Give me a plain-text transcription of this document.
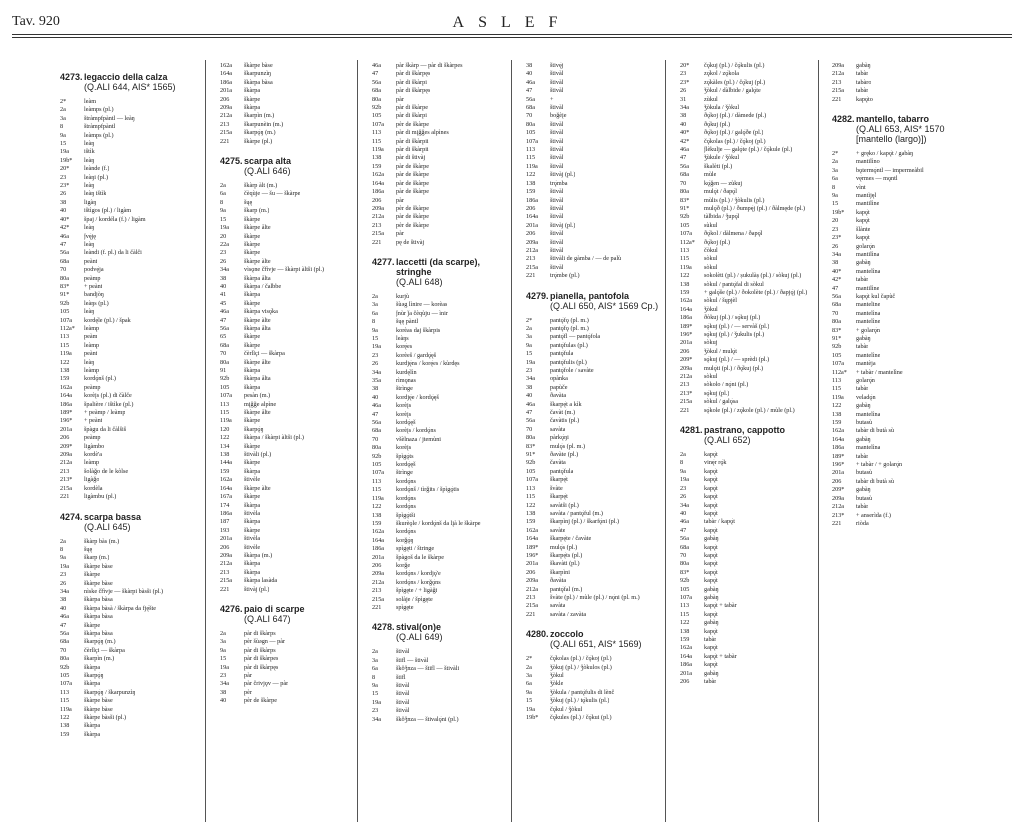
Tav. 920	ASLEF
4273. legaccio della calza
(Q.ALI 644, AIS* 1565)
2*	leàm
2a	leàmps (pl.)
3a	štràmpfpàntl — leàŋ
8	štràmpfpàntl
9a	leàmps (pl.)
15	leàŋ
19a	ištìk
19b*	leàŋ
20*	leànde (f.)
23	leàŋi (pl.)
23*	leàŋ
26	leàŋ ištìk
38	ligàŋ
40	ištìgos (pl.) / ligàm
40*	špaj / kordéla (f.) / ligàm
42*	leàŋ
46a	ǰvę̀ję
47	leàŋ
56a	leàndi (f. pl.) da li čàlči
68a	peànt
70	podvę̀ja
80a	peàmp
83*	+ peànt
91*	bandjòŋ
92b	leàŋs (pl.)
105	leàŋ
107a	kordę̀le (pl.) / špak
112a*	leàmp
113	peàm
115	leàmp
119a	peànt
122	leàŋ
138	leàmp
159	kordǫ̀nš (pl.)
162a	peàmp
164a	korèįs (pl.) di čàlče
186a	špalière / ištìke (pl.)
189*	+ peàmp / leàmp
196*	+ peànt
201a	špàgu da li čàlšiš
206	peàmp
209*	ligàmbo
209a	kordè'a
212a	leàmp
213	šolàǧo de le kòlse
213*	ligàǧo
215a	kordèla
221	ligàmbu (pl.)
4274. scarpa bassa
(Q.ALI 645)
2a	škàrp bàs (m.)
8	šųę
9a	škarp (m.)
19a	škàrpe bàse
23	škàrpe
26	škàrpe bàse
34a	nìske čřìvje — škàrpi bàsši (pl.)
38	škàrpa bàsa
40	škàrpa bàsà / škàrpa da fję̀šte
46a	škàrpa bàsa
47	škàrpe
56a	škàrpa bàsa
68a	škarpǫ̀ŋ (m.)
70	čèrlĩçi — škàrpa
80a	škarpìn (m.)
92b	škàrpa
105	škarpǫ̀ŋ
107a	škàrpa
113	škarpǫ̀ŋ / škarpunzìŋ
115	škàrpe bàse
119a	škàrpe bàse
122	škàrpe bàsši (pl.)
138	škàrpa
159	škàrpa
162a	škàrpe bàse
164a	škarpunzìŋ
186a	škàrpa bàsa
201a	škàrpa
206	škàrpe
209a	škàrpa
212a	škarpìn (m.)
213	škarpunèin (m.)
215a	škarpǫ̀ŋ (m.)
221	škàrpe (pl.)
4275. scarpa alta
(Q.ALI 646)
2a	škàrp àlt (m.)
6a	čèqùje — šu — škàrpe
8	šųę
9a	škarp (m.)
15	škàrpe
19a	škàrpe ålte
20	škàrpe
22a	škàrpe
23	škàrpe
26	škàrpe àlte
34a	vìsǫne čřìvje — škàrpi àltši (pl.)
38	škàrpa ålta
40	škàrpa / čalbbe
41	škàrpa
45	škàrpe
46a	škàrpa visǫ̀ka
47	škàrpe àlte
56a	škàrpa ålta
65	škàrpe
68a	škàrpe
70	čèrlĩçi — škàrpa
80a	škàrpe ålte
91	škàrpa
92b	škàrpa ålta
105	škàrpa
107a	pesàn (m.)
113	mįǧǧe alpìne
115	škàrpe ålte
119a	škàrpe
120	škarpǫ̀ŋ
122	škàrpa / škàrpi àltši (pl.)
134	škàrpe
138	štivàli (pl.)
144a	škàrpe
159	škàrpa
162a	štivèle
164a	škàrpe àlte
167a	škàrpe
174	škàrpa
186a	štivèla
187	škàrpa
193	škàrpe
201a	štivèla
206	štivèle
209a	škàrpa (m.)
212a	škàrpa
213	škàrpa
215a	škàrpa lasàda
221	štivàj (pl.)
4276. paio di scarpe
(Q.ALI 647)
2a	pàr di škàrps
3a	pèr šùəgn — pàr
9a	pàr di škàrps
15	pàr di škàrpes
19a	pàr di škàrpęs
23	pàr
34a	pàr črivjǫv — pàr
38	pèr
40	pèr de škàrpe
46a	pàr škàrp — pàr di škàrpes
47	pàr di škàrpęs
56a	pàr di škàrpi
68a	pàr di škàrpęs
80a	pàr
92b	pàr di škàrpe
105	pàr di škàrpi
107a	pèr de škàrpe
113	pàr di mįǧǧes alpìnes
115	pàr di škàrpii
119a	pàr di škàrpii
138	pàr di štivàj
159	pàr de škàrpe
162a	pàr de škàrpe
164a	pàr de škàrpe
186a	pàr de škàrpe
206	pàr
209a	pèr de škàrpe
212a	pàr de škàrpe
213	pèr de škàrpe
215a	pàr
221	pę de štivàj
4277. laccetti (da scarpe), stringhe
(Q.ALI 648)
2a	kurjù
3a	šùəg lìnire — korèas
6a	ǰnùr ǰa čèqùju — ìnir
8	šųę pàntl
9a	korèas daj škàrpis
15	leàŋs
19a	korę̀es
23	korèeš / gardǫ̀ęš
26	kurdję̀ns / korę̀es / kùrdęs
34a	kurdę̀lìn
35a	rìmǫnas
38	štrìnge
40	kordję̀e / kordǫ̀ęš
46a	korèįs
47	korèįs
56a	kordǫ̀ęš
68a	korèįs / kordǫ̀ns
70	všèlnaza / jtemùni
80a	korèįs
92b	špìgǫ̀ts
105	kordǫ̀ęš
107a	štrìnge
113	kordǫ̀ns
115	kordǫ̀nš / tìrǧits / špìgǫ̀tis
119a	kordǫ̀ns
122	kordǫ̀ns
138	špìgǫ̀tši
159	škurèǫle / kordǫ̀nš da lįà le škàrpe
162a	kordǫ̀ns
164a	korǧǫ̀ŋ
186a	spìgęti / štringe
201a	špàgoš da le škàrpe
206	korǧe
209a	kordǫ̀ns / kordjǫ̀'e
212a	kordǫ̀ns / korǧǫ̀ns
213	špìgęte / + ligàǧi
215a	solàje / špìgęte
221	spìgęte
4278. stival(on)e
(Q.ALI 649)
2a	štivàl
3a	štifl — štivàl
6a	škǒǯnza — štifl — štivàli
8	štifl
9a	štivàl
15	štivàl
19a	štivàl
23	štivàl
34a	škǒǯnza — štivalǫ̀ni (pl.)
38	štivę̀j
40	štivàl
46a	štivàl
47	štivàl
56a	+
68a	štivàl
70	boǧèįe
80a	štivàl
105	štivàl
107a	štivàl
113	štivàl
115	štivàl
119a	štivàl
122	štivàj (pl.)
138	trǫ̀mba
159	štivàl
186a	štivàl
206	štivàl
164a	štivàl
201a	štivàj (pl.)
206	štivàl
209a	štivàl
212a	štivàl
213	štivàli de gàmba / — de palù
215a	štivàl
221	trǫ̀mbe (pl.)
4279. pianella, pantofola
(Q.ALI 650, AIS* 1569 Cp.)
2*	pantǫ̀fǫ (pl. m.)
2a	pantǫ̀fǫ (pl. m.)
3a	pantǫ̀fl — pantǫ̀fola
9a	pantǫ̀fulas (pl.)
15	pantǫ̀fula
19a	pantǫ̀fulis (pl.)
23	pantǫ̀fole / savàte
34a	opànka
38	papùče
40	ðavàta
46a	škarpę̀t a kìk
47	čavàt (m.)
56a	čavàtis (pl.)
70	savàta
80a	pàrkǫ̀ŋi
83*	mulǫ̀s (pl. m.)
91*	ðavàte (pl.)
92b	čavàta
105	pantǫ̀fula
107a	škarpę̀t
113	švàte
115	škarpę̀t
122	savàtši (pl.)
138	savàta / pantǫ̀ful (m.)
159	škarpìnj (pl.) / škarfǫ̀ni (pl.)
162a	savàte
164a	škarpę̀te / čavàte
189*	mulǫ̀s (pl.)
196*	škarpę̀ts (pl.)
201a	škavàti (pl.)
206	škarpìni
209a	ðavàta
212a	pantǫ̀fal (m.)
213	švàte (pl.) / mùle (pl.) / nǫ̀ni (pl. m.)
215a	savàta
221	savàta / zavàta
4280. zoccolo
(Q.ALI 651, AIS* 1569)
2*	čǫ̀kolas (pl.) / čǫ̀koj (pl.)
2a	ǯòkuj (pl.) / ǯòkulos (pl.)
3a	ǯòkul
6a	ǯòkle
9a	ǯòkula / pantǫ̀fulis di lènč
15	ǯòkuj (pl.) / tǫ̀kulis (pl.)
19a	čǫ̀kul / ǯòkul
19b*	čǫ̀kules (pl.) / čǫ̀kui (pl.)
20*	čǫ̀kuj (pl.) / čǫ̀kulis (pl.)
23	zǫ̀kol / zǫ̀kola
23*	zǫ̀kàles (pl.) / čǫ̀kuj (pl.)
26	ǯòkul / dàlbide / galǫ̀te
31	zùkul
34a	ǯòkula / ǯòkul
38	ðǫ̀koj (pl.) / dàmede (pl.)
40	ðǫ̀kuj (pl.)
40*	ðǫ̀koj (pl.) / galǫ̀ðe (pl.)
42*	čǫ̀kolas (pl.) / čǫ̀koj (pl.)
46a	ǰlèkulje — galǫ̀te (pl.) / čǫ̀kule (pl.)
47	ǯùkule / ǯòkul
56a	škalèti (pl.)
68a	mùle
70	kǫ̀ǧen — zùkuj
80a	mulǫ̀t / ðapǫ̀l
83*	mùlis (pl.) / ǯòkulis (pl.)
91*	mulǫ̀ð (pl.) / ðumpę̀j (pl.) / ðàlmęde (pl.)
92b	tàlbida / ǯupǫ̀l
105	sùkul
107a	ðǫ̀kol / dàlmena / ðapǫ̀l
112a*	ðǫ̀koj (pl.)
113	čòkul
115	sòkul
119a	sòkul
122	sokolèti (pl.) / șukulàș (pl.) / sòkuj (pl.)
138	sòkul / pantǫ̀fal di sòkul
159	+ galǫ̀še (pl.) / ðokolète (pl.) / ðapjǫ̀j (pl.)
162a	sòkul / šųpjèl
164a	ǯòkul
186a	ðòkuj (pl.) / sǫ̀kuj (pl.)
189*	sǫ̀kuj (pl.) / — servàš (pl.)
196*	sǫ̀kuj (pl.) / ǯukulis (pl.)
201a	sòkuj
206	ǯòkul / mulǫ̀t
209*	sǫ̀kuj (pl.) / — sprèdi (pl.)
209a	mulǫ̀ti (pl.) / ðǫ̀kuj (pl.)
212a	sòkul
213	sòkolo / nǫ̀ni (pl.)
213*	sǫ̀kuj (pl.)
215a	sòkul / galǫ̀sa
221	sǫ̀kole (pl.) / zǫ̀kole (pl.) / mùle (pl.)
4281. pastrano, cappotto
(Q.ALI 652)
2a	kapǫ̀t
8	vinę̀r rǫ̀k
9a	kapǫ̀t
19a	kapǫ̀t
23	kapǫ̀t
26	kapǫ̀t
34a	kapǫ̀t
40	kapǫ̀t
46a	tabàr / kapǫ̀t
47	kapǫ̀t
56a	gabàŋ
68a	kapǫ̀t
70	kapǫ̀t
80a	kapǫ̀t
83*	kapǫ̀t
92b	kapǫ̀t
105	gabàŋ
107a	gabàŋ
113	kapǫ̀t + tabàr
115	kapǫ̀t
122	gabàŋ
138	kapǫ̀t
159	tabàr
162a	kapǫ̀t
164a	kapǫ̀t + tabàr
186a	kapǫ̀t
201a	gabàŋ
206	tabàr
209a	gabàŋ
212a	tabàr
213	tabàro
215a	tabàr
221	kapǫ̀to
4282. mantello, tabarro
(Q.ALI 653, AIS* 1570 [mantello (largo)])
2*	+ gręko / kapǫ̀t / gabàŋ
2a	mantilìno
3a	bǫtermǫ̀ntl — impermeàbil
6a	vę̀rmes — mǫntl
8	vìnt
9a	mantìjęl
15	mantilìne
19b*	kapǫ̀t
20	kapǫ̀t
23	šlànte
23*	kapǫ̀t
26	golarǫ̀n
34a	mantilìna
38	gabàŋ
40*	mantelìna
42*	tabàr
47	mantilìne
56a	kapǫ̀t kul čapùč
68a	manteline
70	mantelìna
80a	mantelìne
83*	+ golarǫ̀n
91*	gabàŋ
92b	tabàr
105	mantelìne
107a	mantèja
112a*	+ tabàr / mantelìne
113	golarǫ̀n
115	tabàr
119a	veladǫ̀n
122	gabàŋ
138	mantelìna
159	butasù
162a	tabàr di butà sù
164a	gabàŋ
186a	mantelìna
189*	tabàr
196*	+ tabàr / + golarǫ̀n
201a	butasù
206	tabàr di butà sù
209*	gabàŋ
209a	butasù
212a	tabàr
213*	+ anserìda (f.)
221	riòda
